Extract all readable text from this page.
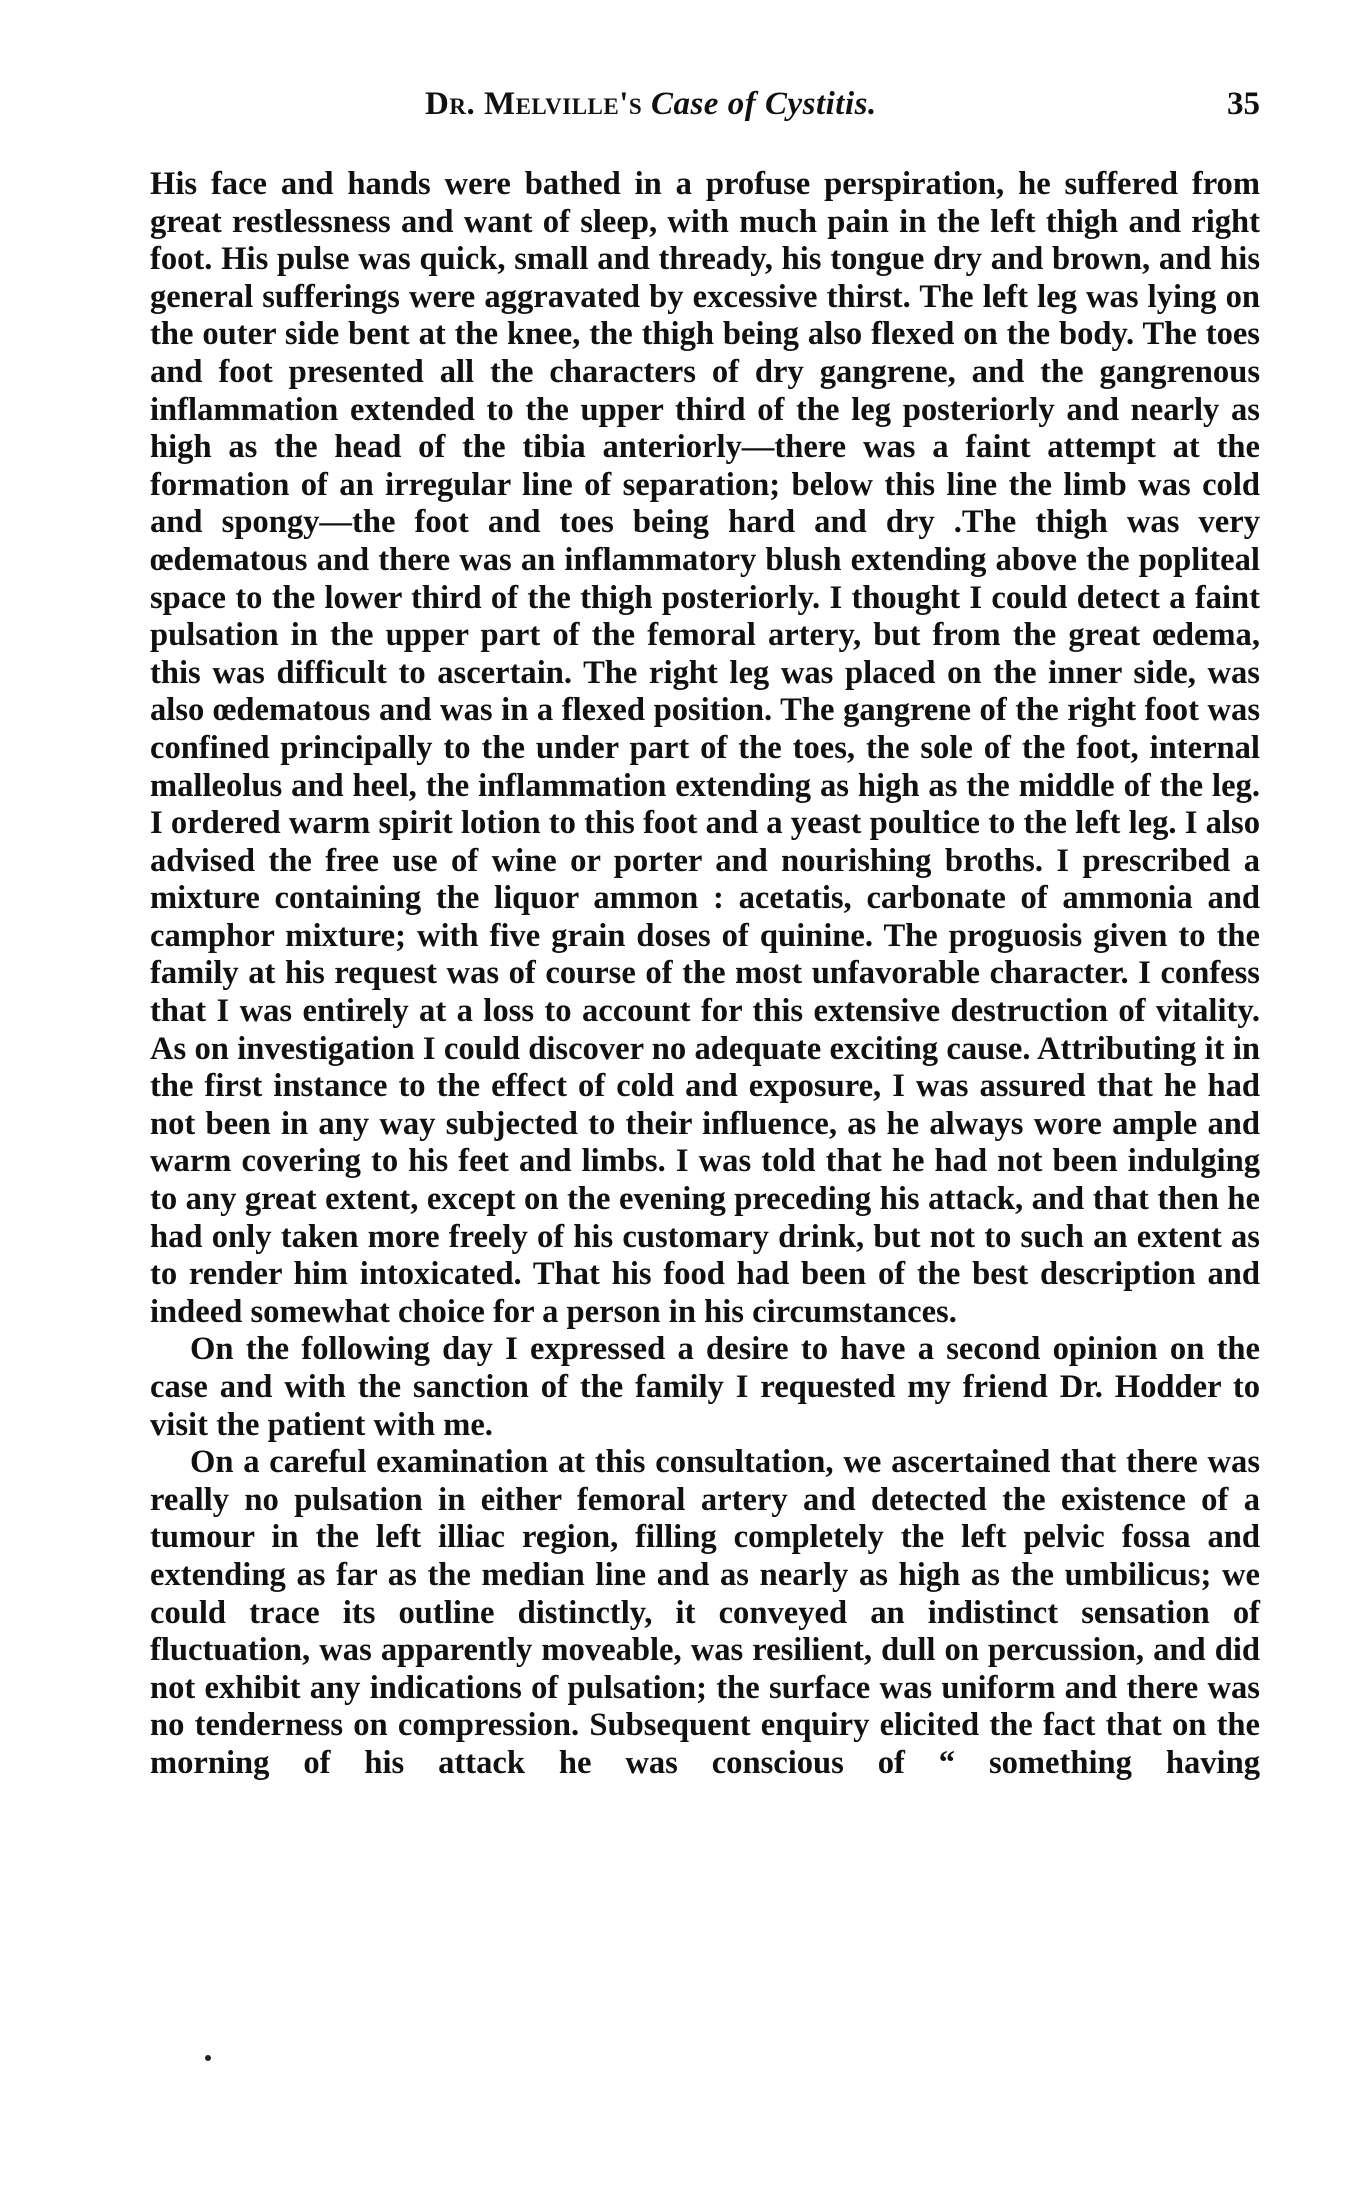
Dr. Melville's Case of Cystitis.	35

His face and hands were bathed in a profuse perspiration, he suffered from great restlessness and want of sleep, with much pain in the left thigh and right foot. His pulse was quick, small and thready, his tongue dry and brown, and his general sufferings were aggravated by excessive thirst. The left leg was lying on the outer side bent at the knee, the thigh being also flexed on the body. The toes and foot presented all the characters of dry gangrene, and the gangrenous inflammation extended to the upper third of the leg posteriorly and nearly as high as the head of the tibia anteriorly—there was a faint attempt at the formation of an irregular line of separation; below this line the limb was cold and spongy—the foot and toes being hard and dry .The thigh was very œdematous and there was an inflammatory blush extending above the popliteal space to the lower third of the thigh posteriorly. I thought I could detect a faint pulsation in the upper part of the femoral artery, but from the great œdema, this was difficult to ascertain. The right leg was placed on the inner side, was also œdematous and was in a flexed position. The gangrene of the right foot was confined principally to the under part of the toes, the sole of the foot, internal malleolus and heel, the inflammation extending as high as the middle of the leg. I ordered warm spirit lotion to this foot and a yeast poultice to the left leg. I also advised the free use of wine or porter and nourishing broths. I prescribed a mixture containing the liquor ammon : acetatis, carbonate of ammonia and camphor mixture; with five grain doses of quinine. The proguosis given to the family at his request was of course of the most unfavorable character. I confess that I was entirely at a loss to account for this extensive destruction of vitality. As on investigation I could discover no adequate exciting cause. Attributing it in the first instance to the effect of cold and exposure, I was assured that he had not been in any way subjected to their influence, as he always wore ample and warm covering to his feet and limbs. I was told that he had not been indulging to any great extent, except on the evening preceding his attack, and that then he had only taken more freely of his customary drink, but not to such an extent as to render him intoxicated. That his food had been of the best description and indeed somewhat choice for a person in his circumstances.

On the following day I expressed a desire to have a second opinion on the case and with the sanction of the family I requested my friend Dr. Hodder to visit the patient with me.

On a careful examination at this consultation, we ascertained that there was really no pulsation in either femoral artery and detected the existence of a tumour in the left illiac region, filling completely the left pelvic fossa and extending as far as the median line and as nearly as high as the umbilicus; we could trace its outline distinctly, it conveyed an indistinct sensation of fluctuation, was apparently moveable, was resilient, dull on percussion, and did not exhibit any indications of pulsation; the surface was uniform and there was no tenderness on compression. Subsequent enquiry elicited the fact that on the morning of his attack he was conscious of “ something having
